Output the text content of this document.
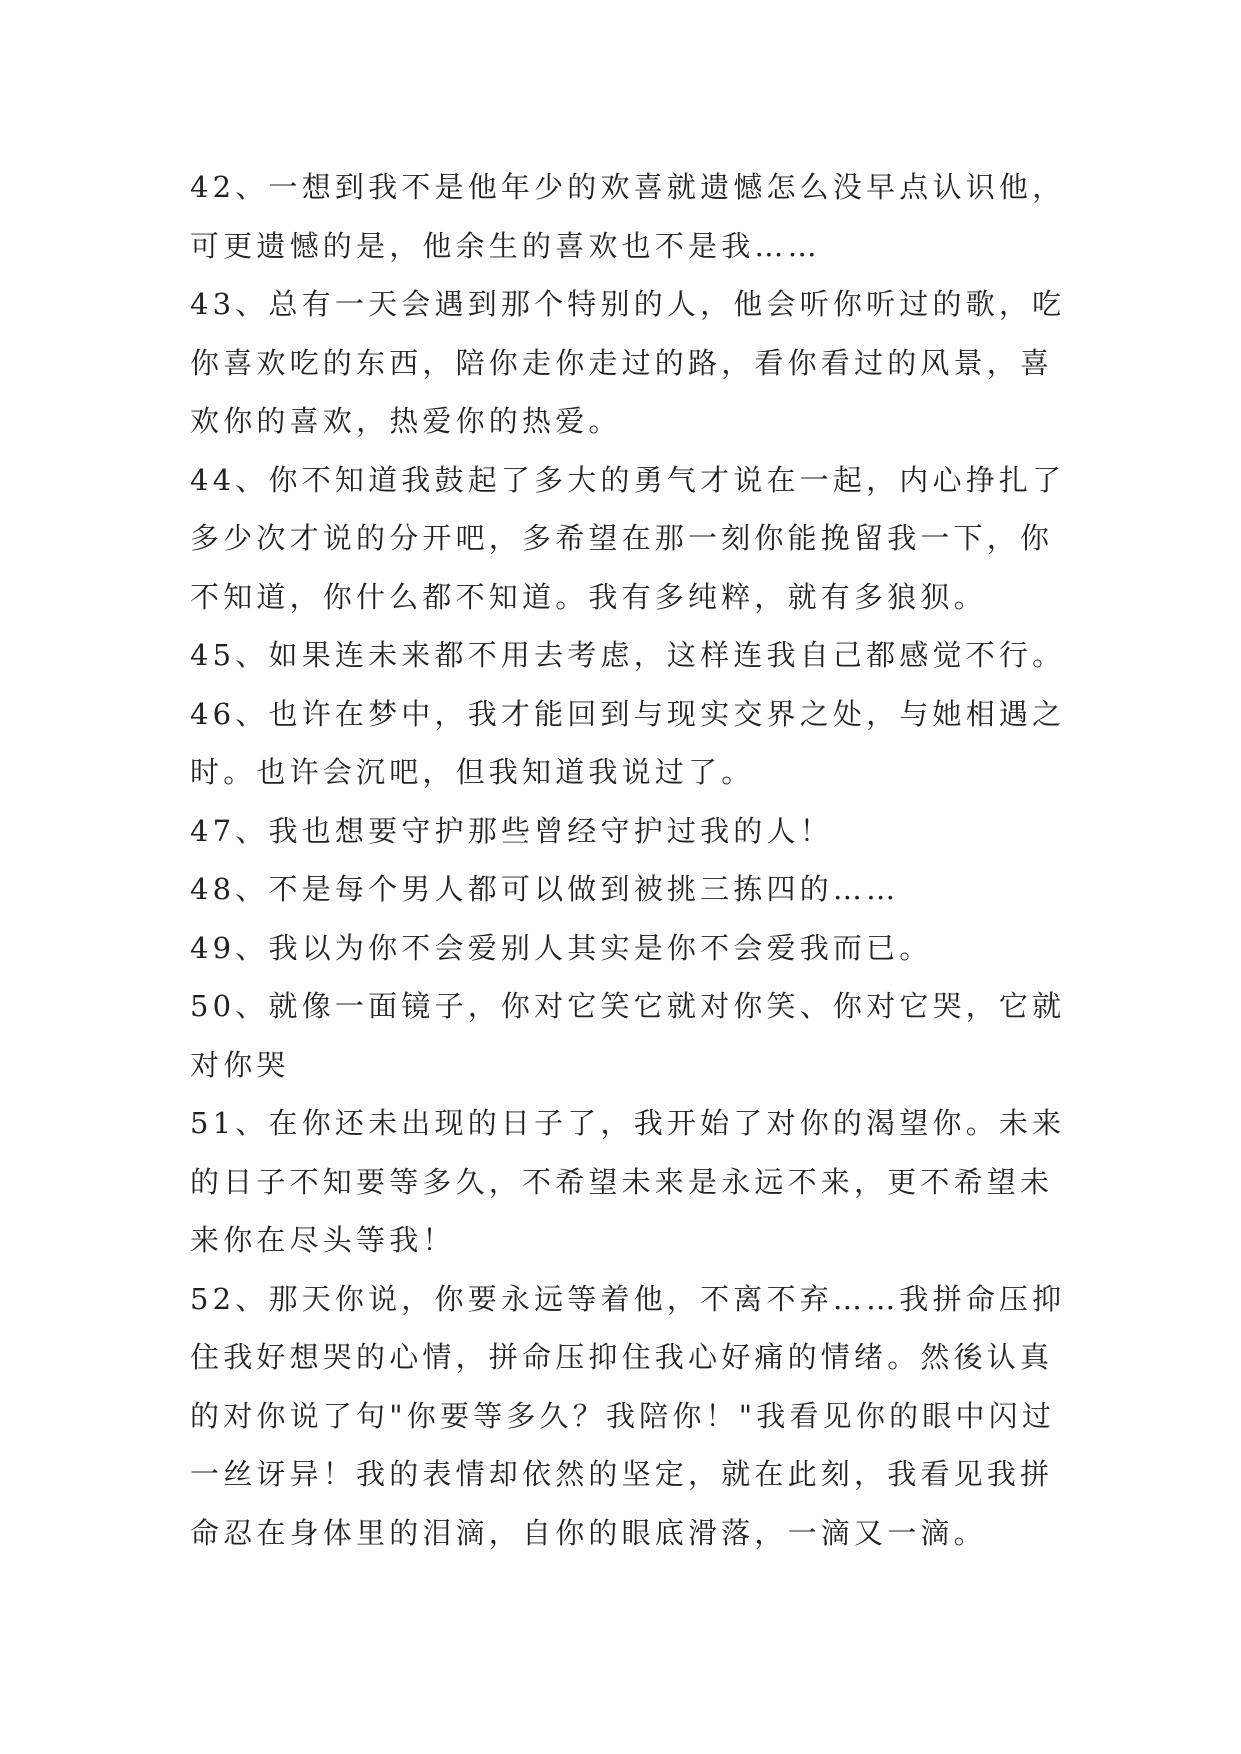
42、一想到我不是他年少的欢喜就遗憾怎么没早点认识他，
可更遗憾的是，他余生的喜欢也不是我……
43、总有一天会遇到那个特别的人，他会听你听过的歌，吃
你喜欢吃的东西，陪你走你走过的路，看你看过的风景，喜
欢你的喜欢，热爱你的热爱。
44、你不知道我鼓起了多大的勇气才说在一起，内心挣扎了
多少次才说的分开吧，多希望在那一刻你能挽留我一下，你
不知道，你什么都不知道。我有多纯粹，就有多狼狈。
45、如果连未来都不用去考虑，这样连我自己都感觉不行。
46、也许在梦中，我才能回到与现实交界之处，与她相遇之
时。也许会沉吧，但我知道我说过了。
47、我也想要守护那些曾经守护过我的人！
48、不是每个男人都可以做到被挑三拣四的……
49、我以为你不会爱别人其实是你不会爱我而已。
50、就像一面镜子，你对它笑它就对你笑、你对它哭，它就
对你哭
51、在你还未出现的日子了，我开始了对你的渴望你。未来
的日子不知要等多久，不希望未来是永远不来，更不希望未
来你在尽头等我！
52、那天你说，你要永远等着他，不离不弃……我拼命压抑
住我好想哭的心情，拼命压抑住我心好痛的情绪。然後认真
的对你说了句"你要等多久？我陪你！"我看见你的眼中闪过
一丝讶异！我的表情却依然的坚定，就在此刻，我看见我拼
命忍在身体里的泪滴，自你的眼底滑落，一滴又一滴。
